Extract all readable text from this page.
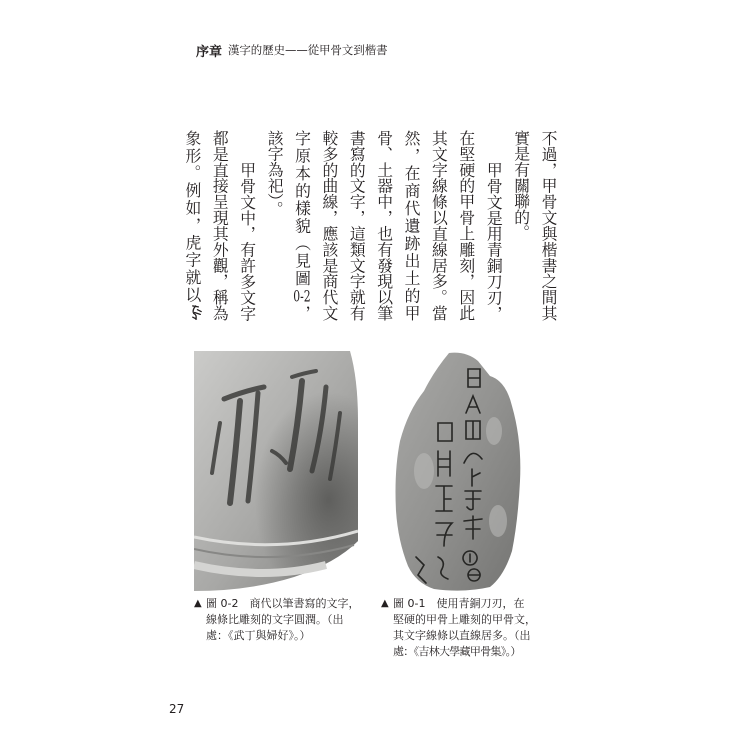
序章 漢字的歷史——從甲骨文到楷書
不過，甲骨文與楷書之間其
實是有關聯的。
甲骨文是用青銅刀刃，
在堅硬的甲骨上雕刻，因此
其文字線條以直線居多。當
然，在商代遺跡出土的甲
骨、土器中，也有發現以筆
書寫的文字，這類文字就有
較多的曲線，應該是商代文
字原本的樣貌（見圖0-2，
該字為祀）。
甲骨文中，有許多文字
都是直接呈現其外觀，稱為
象形。例如，虎字就以
▲ 圖 0-2　商代以筆書寫的文字，
線條比雕刻的文字圓潤。（出
處：《武丁與婦好》。）
▲ 圖 0-1　使用青銅刀刃，在
堅硬的甲骨上雕刻的甲骨文，
其文字線條以直線居多。（出
處：《吉林大學藏甲骨集》。）
27
